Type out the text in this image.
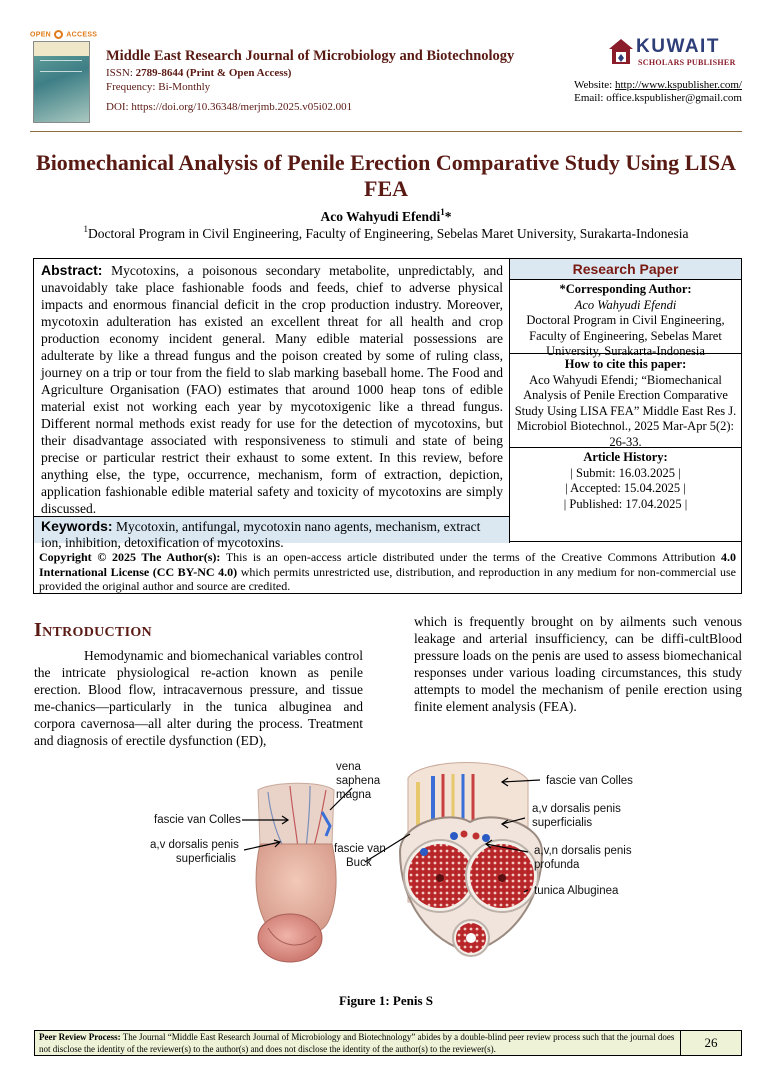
OPEN ACCESS
Middle East Research Journal of Microbiology and Biotechnology
ISSN: 2789-8644 (Print & Open Access)
Frequency: Bi-Monthly
DOI: https://doi.org/10.36348/merjmb.2025.v05i02.001
KUWAIT
SCHOLARS PUBLISHER
Website: http://www.kspublisher.com/
Email: office.kspublisher@gmail.com
Biomechanical Analysis of Penile Erection Comparative Study Using LISA FEA
Aco Wahyudi Efendi$^1$*
$^1$Doctoral Program in Civil Engineering, Faculty of Engineering, Sebelas Maret University, Surakarta-Indonesia
Abstract: Mycotoxins, a poisonous secondary metabolite, unpredictably, and unavoidably take place fashionable foods and feeds, chief to adverse physical impacts and enormous financial deficit in the crop production industry. Moreover, mycotoxin adulteration has existed an excellent threat for all health and crop production economy incident general. Many edible material possessions are adulterate by like a thread fungus and the poison created by some of ruling class, journey on a trip or tour from the field to slab marking baseball home. The Food and Agriculture Organisation (FAO) estimates that around 1000 heap tons of edible material exist not working each year by mycotoxigenic like a thread fungus. Different normal methods exist ready for use for the detection of mycotoxins, but their disadvantage associated with responsiveness to stimuli and state of being precise or particular restrict their exhaust to some extent. In this review, before anything else, the type, occurrence, mechanism, form of extraction, depiction, application fashionable edible material safety and toxicity of mycotoxins are simply discussed.
Keywords: Mycotoxin, antifungal, mycotoxin nano agents, mechanism, extract ion, inhibition, detoxification of mycotoxins.
Research Paper
*Corresponding Author:
Aco Wahyudi Efendi
Doctoral Program in Civil Engineering, Faculty of Engineering, Sebelas Maret University, Surakarta-Indonesia
How to cite this paper:
Aco Wahyudi Efendi; “Biomechanical Analysis of Penile Erection Comparative Study Using LISA FEA” Middle East Res J. Microbiol Biotechnol., 2025 Mar-Apr 5(2): 26-33.
Article History:
| Submit: 16.03.2025 |
| Accepted: 15.04.2025 |
| Published: 17.04.2025 |
Copyright © 2025 The Author(s): This is an open-access article distributed under the terms of the Creative Commons Attribution 4.0 International License (CC BY-NC 4.0) which permits unrestricted use, distribution, and reproduction in any medium for non-commercial use provided the original author and source are credited.
Introduction

Hemodynamic and biomechanical variables control the intricate physiological re-action known as penile erection. Blood flow, intracavernous pressure, and tissue me-chanics—particularly in the tunica albuginea and corpora cavernosa—all alter during the process. Treatment and diagnosis of erectile dysfunction (ED),

which is frequently brought on by ailments such venous leakage and arterial insufficiency, can be diffi-cultBlood pressure loads on the penis are used to assess biomechanical responses under various loading circumstances, this study attempts to model the mechanism of penile erection using finite element analysis (FEA).

vena
saphena
magna
fascie van Colles
a,v dorsalis penis
superficialis
fascie van
Buck
fascie van Colles
a,v dorsalis penis
superficialis
a,v,n dorsalis penis
profunda
tunica Albuginea
Figure 1: Penis S
Peer Review Process: The Journal “Middle East Research Journal of Microbiology and Biotechnology” abides by a double-blind peer review process such that the journal does not disclose the identity of the reviewer(s) to the author(s) and does not disclose the identity of the author(s) to the reviewer(s).	26
